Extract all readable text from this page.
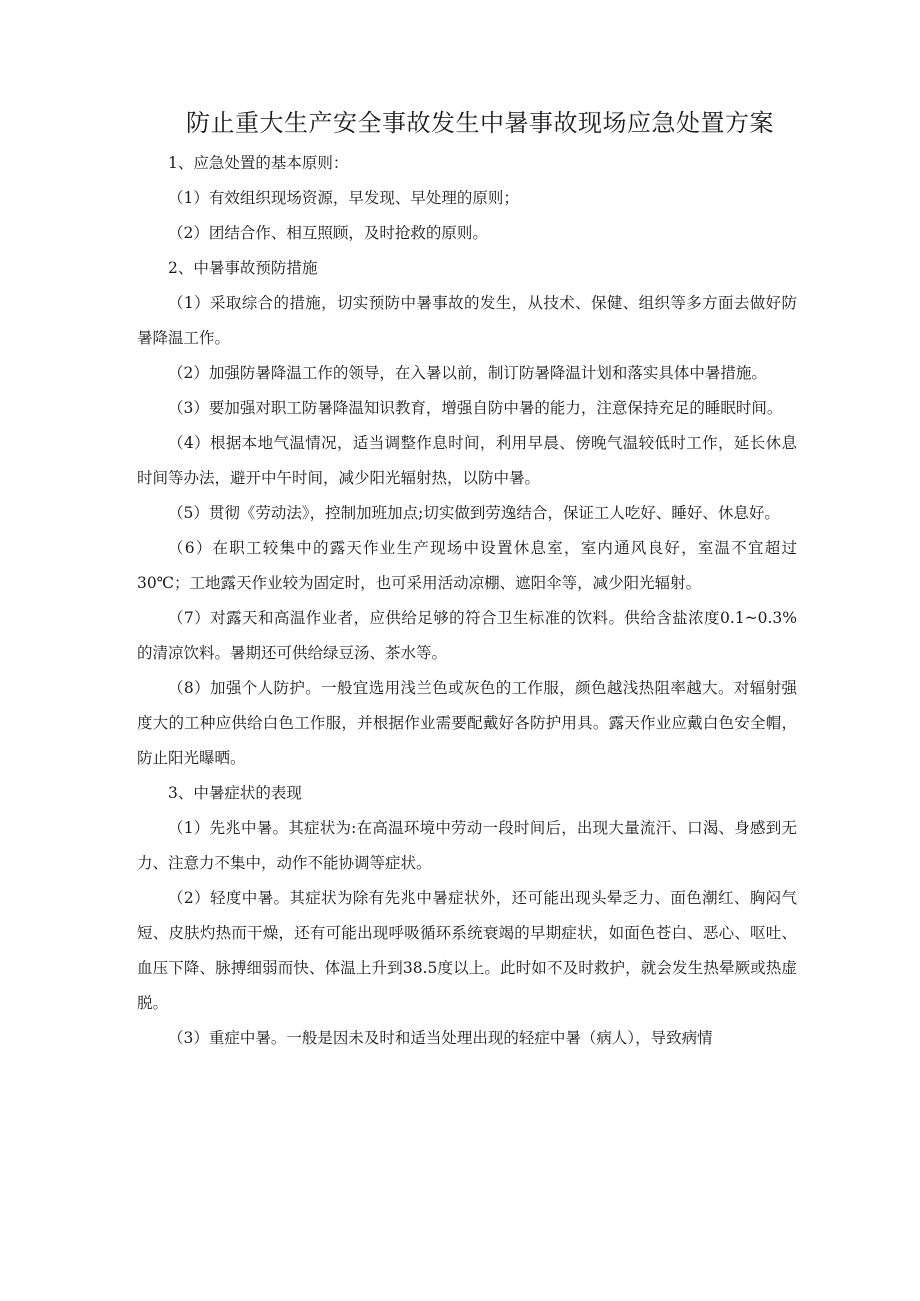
防止重大生产安全事故发生中暑事故现场应急处置方案

1、应急处置的基本原则：

（1）有效组织现场资源，早发现、早处理的原则；

（2）团结合作、相互照顾，及时抢救的原则。

2、中暑事故预防措施

（1）采取综合的措施，切实预防中暑事故的发生，从技术、保健、组织等多方面去做好防暑降温工作。

（2）加强防暑降温工作的领导，在入暑以前，制订防暑降温计划和落实具体中暑措施。

（3）要加强对职工防暑降温知识教育，增强自防中暑的能力，注意保持充足的睡眠时间。

（4）根据本地气温情况，适当调整作息时间，利用早晨、傍晚气温较低时工作，延长休息时间等办法，避开中午时间，减少阳光辐射热，以防中暑。

（5）贯彻《劳动法》，控制加班加点;切实做到劳逸结合，保证工人吃好、睡好、休息好。

（6）在职工较集中的露天作业生产现场中设置休息室，室内通风良好，室温不宜超过30℃；工地露天作业较为固定时，也可采用活动凉棚、遮阳伞等，减少阳光辐射。

（7）对露天和高温作业者，应供给足够的符合卫生标准的饮料。供给含盐浓度0.1~0.3%的清凉饮料。暑期还可供给绿豆汤、茶水等。

（8）加强个人防护。一般宜选用浅兰色或灰色的工作服，颜色越浅热阻率越大。对辐射强度大的工种应供给白色工作服，并根据作业需要配戴好各防护用具。露天作业应戴白色安全帽，防止阳光曝晒。

3、中暑症状的表现

（1）先兆中暑。其症状为:在高温环境中劳动一段时间后，出现大量流汗、口渴、身感到无力、注意力不集中，动作不能协调等症状。

（2）轻度中暑。其症状为除有先兆中暑症状外，还可能出现头晕乏力、面色潮红、胸闷气短、皮肤灼热而干燥，还有可能出现呼吸循环系统衰竭的早期症状，如面色苍白、恶心、呕吐、血压下降、脉搏细弱而快、体温上升到38.5度以上。此时如不及时救护，就会发生热晕厥或热虚脱。

（3）重症中暑。一般是因未及时和适当处理出现的轻症中暑（病人），导致病情
